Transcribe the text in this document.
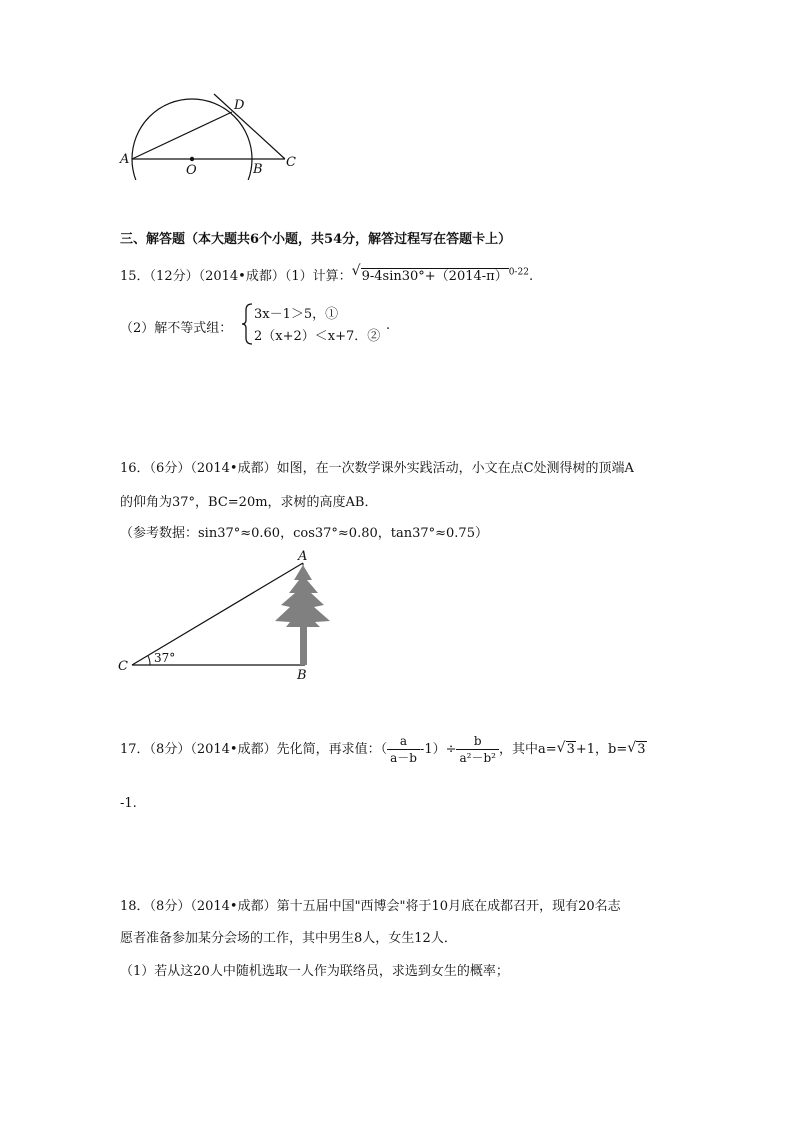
A
D
O	B C
三、解答题（本大题共6个小题，共54分，解答过程写在答题卡上）
15．（12分）（2014•成都）（1）计算： √ $9-4\sin 30^\circ+(2014-\pi)^{0-22}$.
（2）解不等式组：
3x－1＞5，①
2（x+2）＜x+7．②
.
16．（6分）（2014•成都）如图，在一次数学课外实践活动，小文在点C处测得树的顶端A
的仰角为37°，BC=20m，求树的高度AB．
（参考数据：sin37°≈0.60，cos37°≈0.80，tan37°≈0.75）
A
B
C
37°
17．（8分）（2014•成都）先化简，再求值：（ $\frac{a}{a-b} -1)\div \frac{b}{\text{a²－b²}}$ ，其中a= √ 3+1，b= √ 3
-1.
18．（8分）（2014•成都）第十五届中国"西博会"将于10月底在成都召开，现有20名志
愿者准备参加某分会场的工作，其中男生8人，女生12人．
（1）若从这20人中随机选取一人作为联络员，求选到女生的概率；
